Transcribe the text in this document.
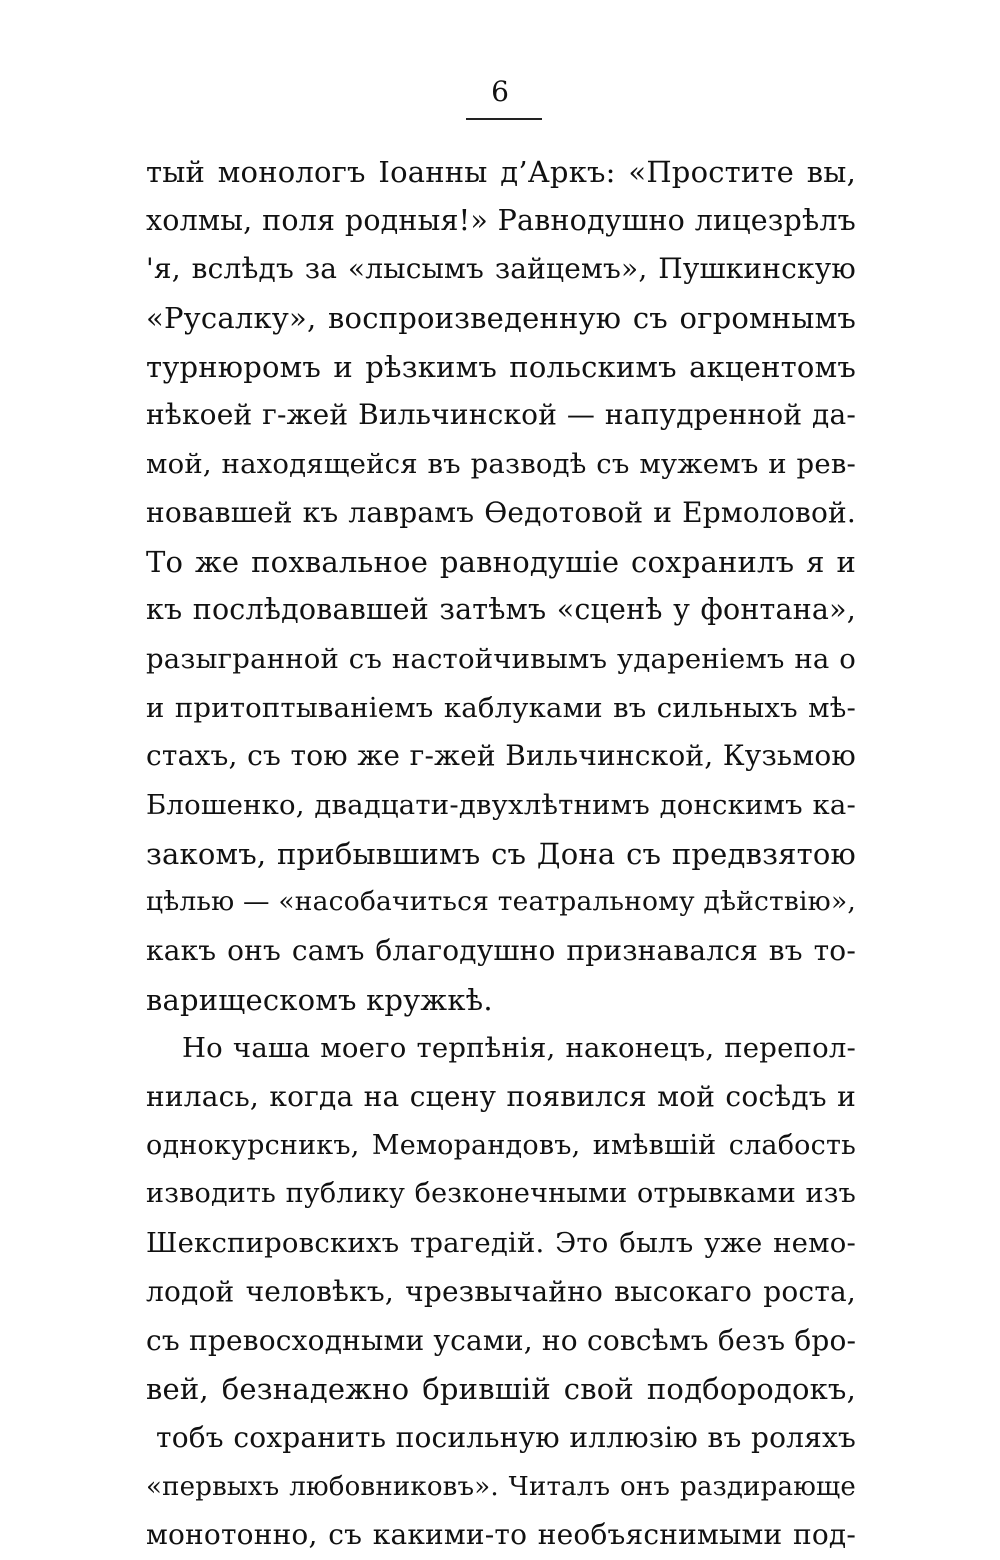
6
тый монологъ Іоанны д’Аркъ: «Простите вы,
холмы, поля родныя!» Равнодушно лицезрѣлъ
'я, вслѣдъ за «лысымъ зайцемъ», Пушкинскую
«Русалку», воспроизведенную съ огромнымъ
турнюромъ и рѣзкимъ польскимъ акцентомъ
нѣкоей г-жей Вильчинской — напудренной да-
мой, находящейся въ разводѣ съ мужемъ и рев-
новавшей къ лаврамъ Ѳедотовой и Ермоловой.
То же похвальное равнодушіе сохранилъ я и
къ послѣдовавшей затѣмъ «сценѣ у фонтана»,
разыгранной съ настойчивымъ удареніемъ на о
и притоптываніемъ каблуками въ сильныхъ мѣ-
стахъ, съ тою же г-жей Вильчинской, Кузьмою
Блошенко, двадцати-двухлѣтнимъ донскимъ ка-
закомъ, прибывшимъ съ Дона съ предвзятою
цѣлью — «насобачиться театральному дѣйствію»,
какъ онъ самъ благодушно признавался въ то-
варищескомъ кружкѣ.
Но чаша моего терпѣнія, наконецъ, перепол-
нилась, когда на сцену появился мой сосѣдъ и
однокурсникъ, Меморандовъ, имѣвшій слабость
изводить публику безконечными отрывками изъ
Шекспировскихъ трагедій. Это былъ уже немо-
лодой человѣкъ, чрезвычайно высокаго роста,
съ превосходными усами, но совсѣмъ безъ бро-
вей, безнадежно брившій свой подбородокъ,
тобъ сохранить посильную иллюзію въ роляхъ
«первыхъ любовниковъ». Читалъ онъ раздирающе
монотонно, съ какими-то необъяснимыми под-
